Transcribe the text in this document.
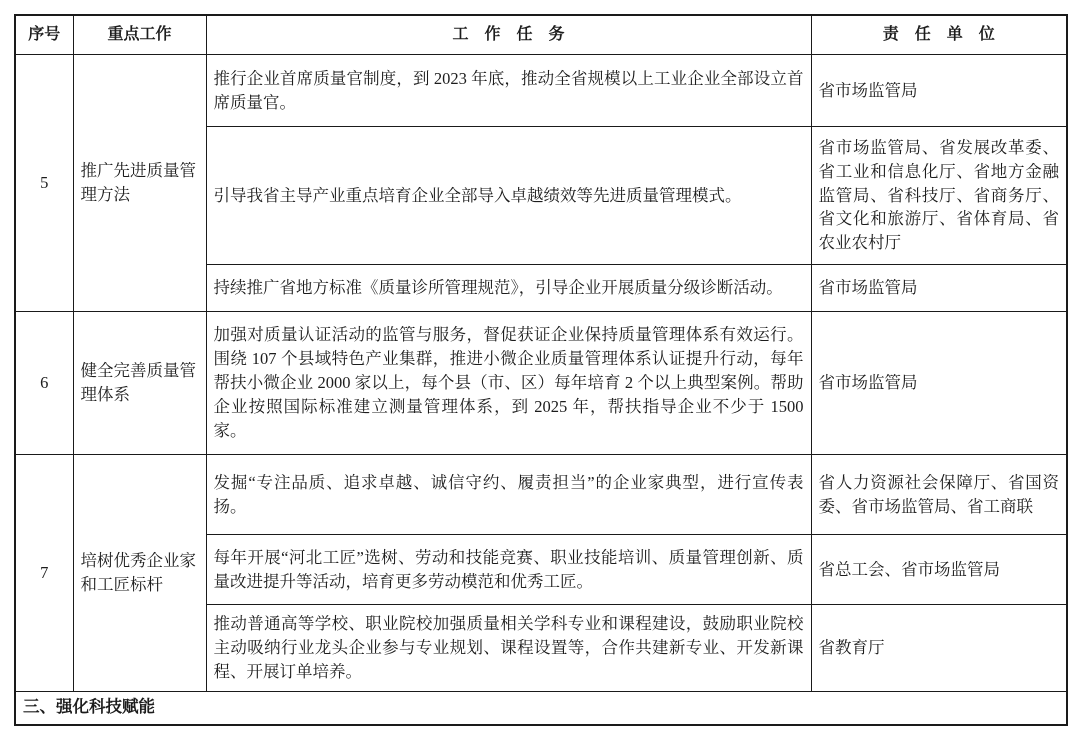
序号	重点工作	工　作　任　务	责　任　单　位
5	推广先进质量管理方法	推行企业首席质量官制度，到 2023 年底，推动全省规模以上工业企业全部设立首席质量官。	省市场监管局
		引导我省主导产业重点培育企业全部导入卓越绩效等先进质量管理模式。	省市场监管局、省发展改革委、省工业和信息化厅、省地方金融监管局、省科技厅、省商务厅、省文化和旅游厅、省体育局、省农业农村厅
		持续推广省地方标准《质量诊所管理规范》，引导企业开展质量分级诊断活动。	省市场监管局
6	健全完善质量管理体系	加强对质量认证活动的监管与服务，督促获证企业保持质量管理体系有效运行。围绕 107 个县域特色产业集群，推进小微企业质量管理体系认证提升行动，每年帮扶小微企业 2000 家以上，每个县（市、区）每年培育 2 个以上典型案例。帮助企业按照国际标准建立测量管理体系，到 2025 年，帮扶指导企业不少于 1500 家。	省市场监管局
7	培树优秀企业家和工匠标杆	发掘“专注品质、追求卓越、诚信守约、履责担当”的企业家典型，进行宣传表扬。	省人力资源社会保障厅、省国资委、省市场监管局、省工商联
		每年开展“河北工匠”选树、劳动和技能竞赛、职业技能培训、质量管理创新、质量改进提升等活动，培育更多劳动模范和优秀工匠。	省总工会、省市场监管局
		推动普通高等学校、职业院校加强质量相关学科专业和课程建设，鼓励职业院校主动吸纳行业龙头企业参与专业规划、课程设置等，合作共建新专业、开发新课程、开展订单培养。	省教育厅
三、强化科技赋能			
